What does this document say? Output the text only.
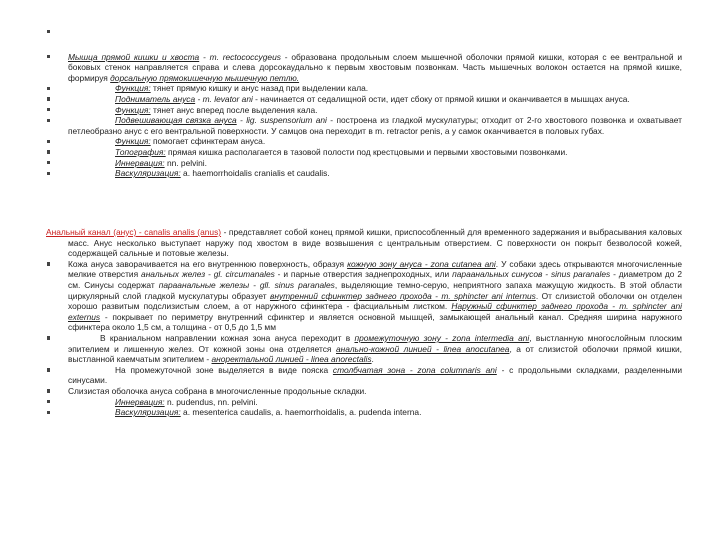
Мышца прямой кишки и хвоста - m. rectococcygeus - образована продольным слоем мышечной оболочки прямой кишки, которая с ее вентральной и боковых стенок направляется справа и слева дорсокаудально к первым хвостовым позвонкам. Часть мышечных волокон остается на прямой кишке, формируя дорсальную прямокишечную мышечную петлю.
Функция: тянет прямую кишку и анус назад при выделении кала.
Подниматель ануса - m. levator ani - начинается от седалищной ости, идет сбоку от прямой кишки и оканчивается в мышцах ануса.
Функция: тянет анус вперед после выделения кала.
Подвешивающая связка ануса - lig. suspensorium ani - построена из гладкой мускулатуры; отходит от 2-го хвостового позвонка и охватывает петлеобразно анус с его вентральной поверхности. У самцов она переходит в m. retractor penis, а у самок оканчивается в половых губах.
Функция: помогает сфинктерам ануса.
Топография: прямая кишка располагается в тазовой полости под крестцовыми и первыми хвостовыми позвонками.
Иннервация: nn. pelvini.
Васкуляризация: a. haemorrhoidalis cranialis et caudalis.
Анальный канал (анус) - canalis analis (anus) - представляет собой конец прямой кишки, приспособленный для временного задержания и выбрасывания каловых масс. Анус несколько выступает наружу под хвостом в виде возвышения с центральным отверстием. С поверхности он покрыт безволосой кожей, содержащей сальные и потовые железы.
Кожа ануса заворачивается на его внутреннюю поверхность, образуя кожную зону ануса - zona cutanea ani. У собаки здесь открываются многочисленные мелкие отверстия анальных желез - gl. circumanales - и парные отверстия заднепроходных, или параанальных синусов - sinus paranales - диаметром до 2 см. Синусы содержат параанальные железы - gll. sinus paranales, выделяющие темно-серую, неприятного запаха мажущую жидкость. В этой области циркулярный слой гладкой мускулатуры образует внутренний сфинктер заднего прохода - m. sphincter ani internus. От слизистой оболочки он отделен хорошо развитым подслизистым слоем, а от наружного сфинктера - фасциальным листком. Наружный сфинктер заднего прохода - m. sphincter ani externus - покрывает по периметру внутренний сфинктер и является основной мышцей, замыкающей анальный канал. Средняя ширина наружного сфинктера около 1,5 см, а толщина - от 0,5 до 1,5 мм
В краниальном направлении кожная зона ануса переходит в промежуточную зону - zona intermedia ani, выстланную многослойным плоским эпителием и лишенную желез. От кожной зоны она отделяется анально-кожной линией - linea anocutanea, а от слизистой оболочки прямой кишки, выстланной каемчатым эпителием - аноректальной линией - linea anorectalis.
На промежуточной зоне выделяется в виде пояска столбчатая зона - zona columnaris ani - с продольными складками, разделенными синусами.
Слизистая оболочка ануса собрана в многочисленные продольные складки.
Иннервация: n. pudendus, nn. pelvini.
Васкуляризация: a. mesenterica caudalis, a. haemorrhoidalis, a. pudenda interna.
